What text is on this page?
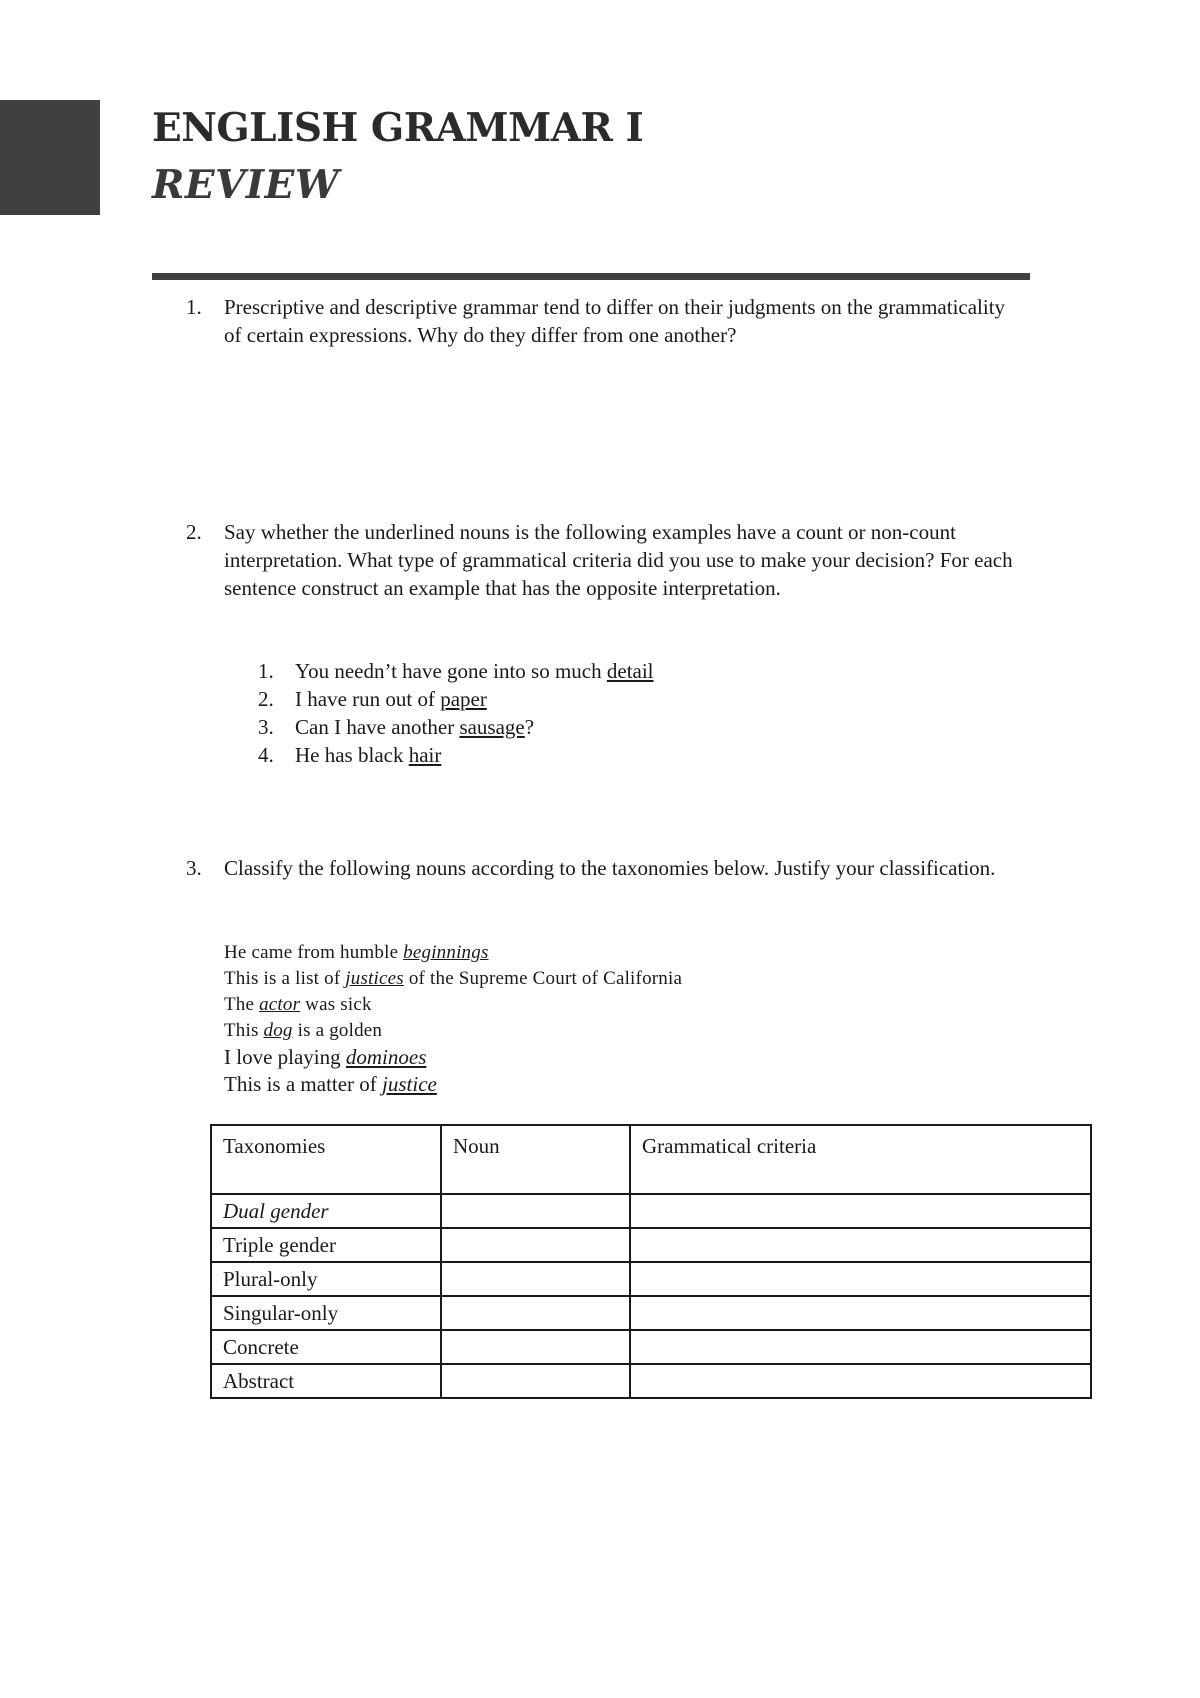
ENGLISH GRAMMAR I
REVIEW
1.	Prescriptive and descriptive grammar tend to differ on their judgments on the grammaticality of certain expressions. Why do they differ from one another?
2.	Say whether the underlined nouns is the following examples have a count or non-count interpretation. What type of grammatical criteria did you use to make your decision? For each sentence construct an example that has the opposite interpretation.
1.	You needn’t have gone into so much detail
2.	I have run out of paper
3.	Can I have another sausage?
4.	He has black hair
3.	Classify the following nouns according to the taxonomies below. Justify your classification.
He came from humble beginnings
This is a list of justices of the Supreme Court of California
The actor was sick
This dog is a golden
I love playing dominoes
This is a matter of justice
Taxonomies	Noun	Grammatical criteria
Dual gender		
Triple gender		
Plural-only		
Singular-only		
Concrete		
Abstract		
